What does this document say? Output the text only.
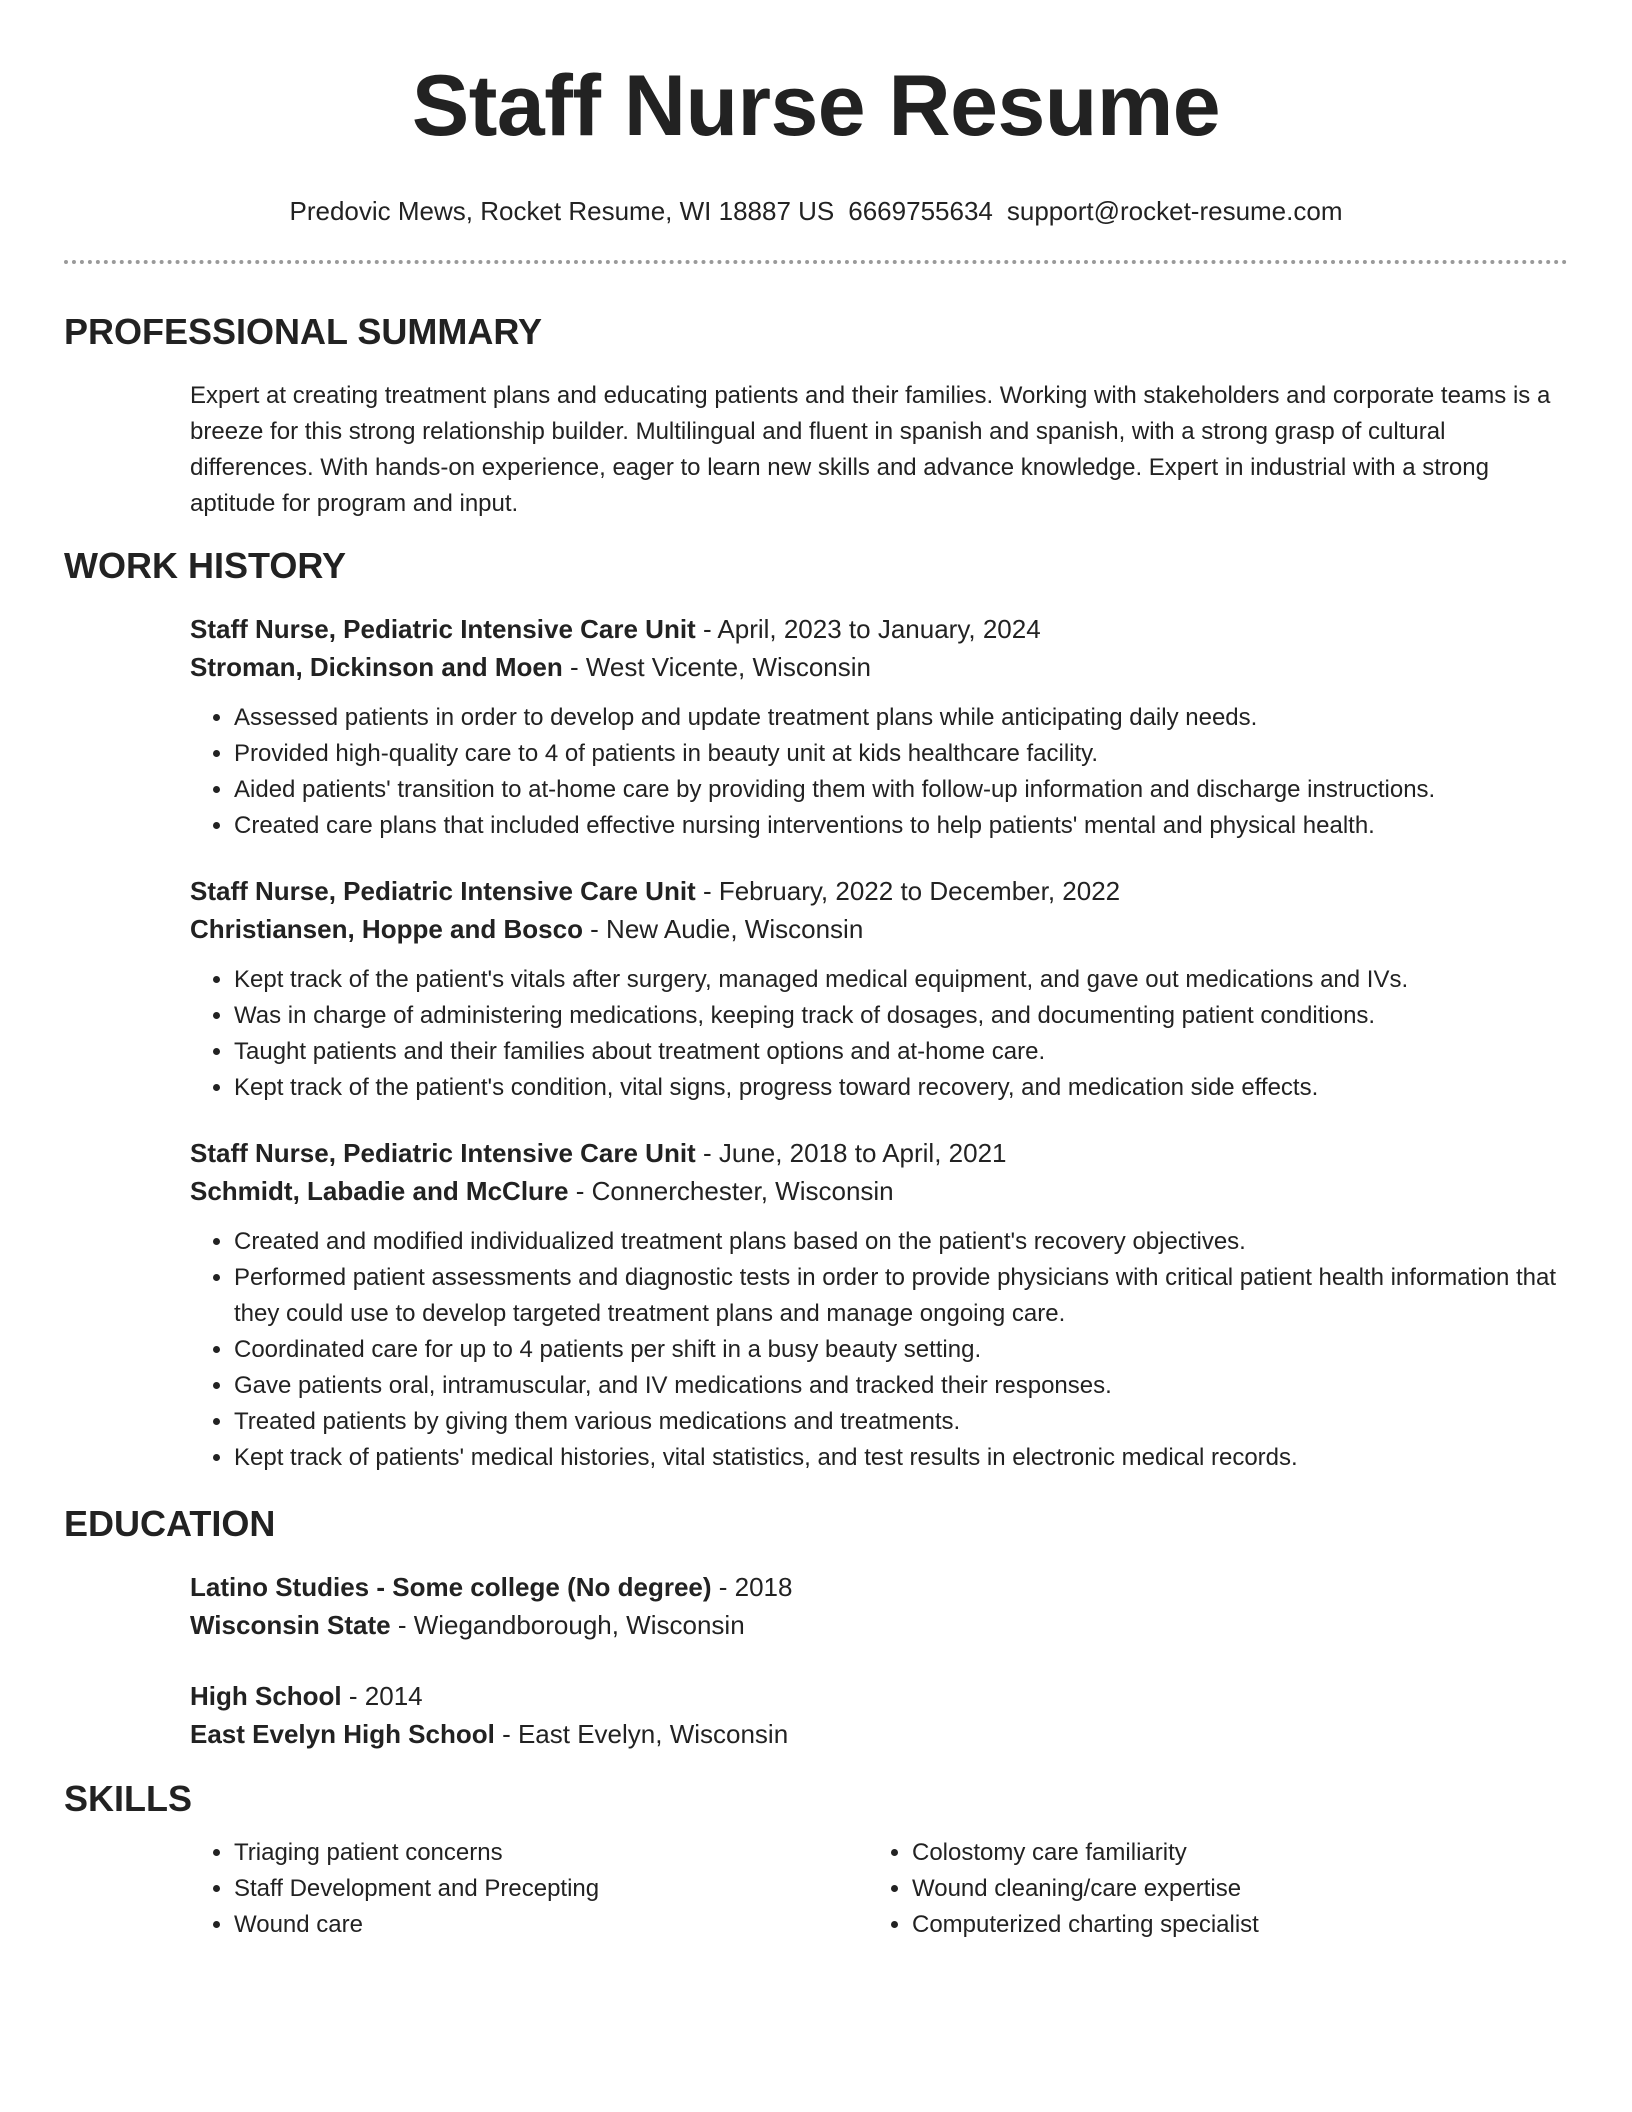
Staff Nurse Resume
Predovic Mews, Rocket Resume, WI 18887 US 6669755634 support@rocket-resume.com
PROFESSIONAL SUMMARY
Expert at creating treatment plans and educating patients and their families. Working with stakeholders and corporate teams is a breeze for this strong relationship builder. Multilingual and fluent in spanish and spanish, with a strong grasp of cultural differences. With hands-on experience, eager to learn new skills and advance knowledge. Expert in industrial with a strong aptitude for program and input.
WORK HISTORY
Staff Nurse, Pediatric Intensive Care Unit - April, 2023 to January, 2024
Stroman, Dickinson and Moen - West Vicente, Wisconsin
• Assessed patients in order to develop and update treatment plans while anticipating daily needs.
• Provided high-quality care to 4 of patients in beauty unit at kids healthcare facility.
• Aided patients' transition to at-home care by providing them with follow-up information and discharge instructions.
• Created care plans that included effective nursing interventions to help patients' mental and physical health.
Staff Nurse, Pediatric Intensive Care Unit - February, 2022 to December, 2022
Christiansen, Hoppe and Bosco - New Audie, Wisconsin
• Kept track of the patient's vitals after surgery, managed medical equipment, and gave out medications and IVs.
• Was in charge of administering medications, keeping track of dosages, and documenting patient conditions.
• Taught patients and their families about treatment options and at-home care.
• Kept track of the patient's condition, vital signs, progress toward recovery, and medication side effects.
Staff Nurse, Pediatric Intensive Care Unit - June, 2018 to April, 2021
Schmidt, Labadie and McClure - Connerchester, Wisconsin
• Created and modified individualized treatment plans based on the patient's recovery objectives.
• Performed patient assessments and diagnostic tests in order to provide physicians with critical patient health information that they could use to develop targeted treatment plans and manage ongoing care.
• Coordinated care for up to 4 patients per shift in a busy beauty setting.
• Gave patients oral, intramuscular, and IV medications and tracked their responses.
• Treated patients by giving them various medications and treatments.
• Kept track of patients' medical histories, vital statistics, and test results in electronic medical records.
EDUCATION
Latino Studies - Some college (No degree) - 2018
Wisconsin State - Wiegandborough, Wisconsin
High School - 2014
East Evelyn High School - East Evelyn, Wisconsin
SKILLS
• Triaging patient concerns
• Staff Development and Precepting
• Wound care
• Colostomy care familiarity
• Wound cleaning/care expertise
• Computerized charting specialist
